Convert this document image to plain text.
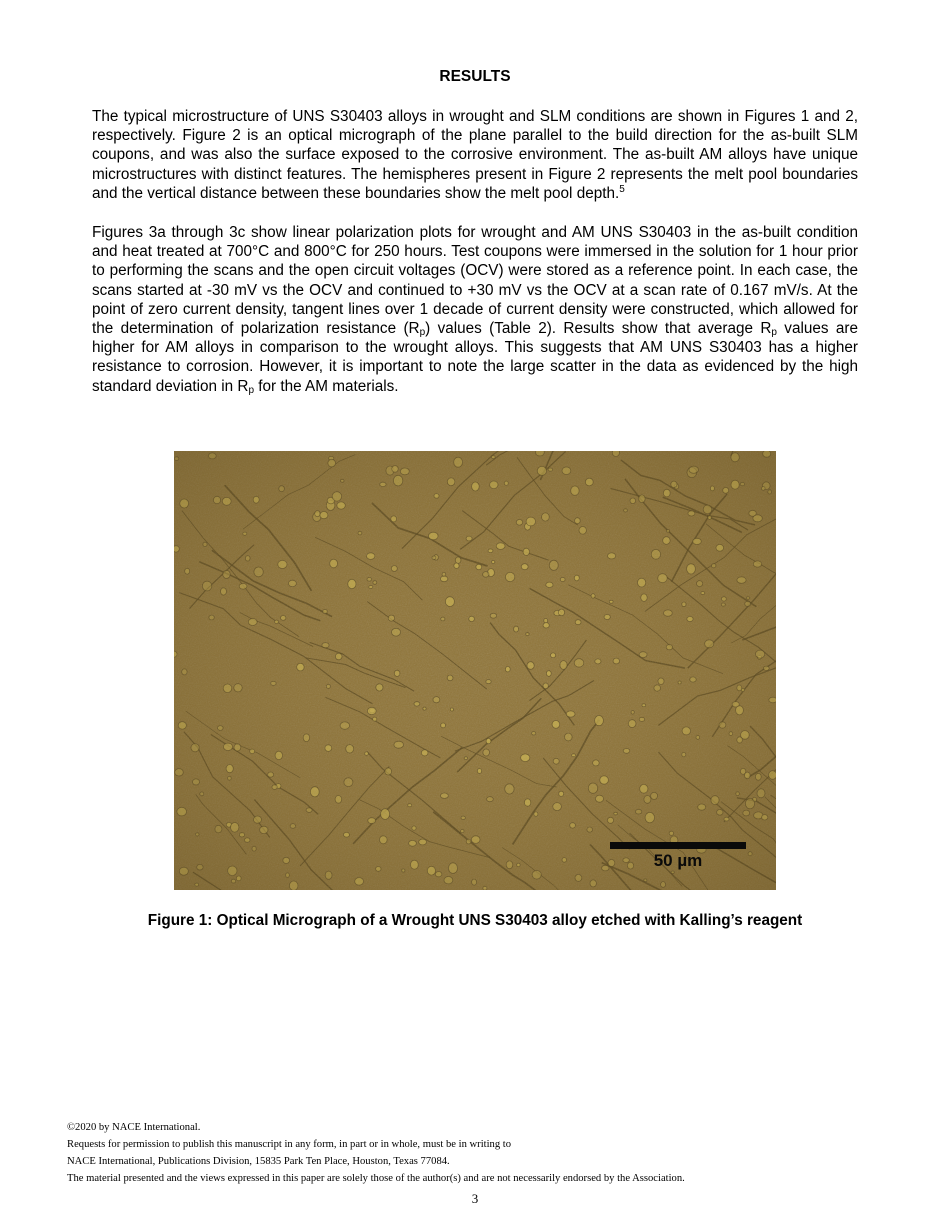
RESULTS

The typical microstructure of UNS S30403 alloys in wrought and SLM conditions are shown in Figures 1 and 2, respectively. Figure 2 is an optical micrograph of the plane parallel to the build direction for the as-built SLM coupons, and was also the surface exposed to the corrosive environment. The as-built AM alloys have unique microstructures with distinct features. The hemispheres present in Figure 2 represents the melt pool boundaries and the vertical distance between these boundaries show the melt pool depth.$^5$

Figures 3a through 3c show linear polarization plots for wrought and AM UNS S30403 in the as-built condition and heat treated at 700°C and 800°C for 250 hours. Test coupons were immersed in the solution for 1 hour prior to performing the scans and the open circuit voltages (OCV) were stored as a reference point. In each case, the scans started at -30 mV vs the OCV and continued to +30 mV vs the OCV at a scan rate of 0.167 mV/s. At the point of zero current density, tangent lines over 1 decade of current density were constructed, which allowed for the determination of polarization resistance $(R_p)$ values (Table 2). Results show that average $R_p$ values are higher for AM alloys in comparison to the wrought alloys. This suggests that AM UNS S30403 has a higher resistance to corrosion. However, it is important to note the large scatter in the data as evidenced by the high standard deviation in $R_p$ for the AM materials.

50 µm
Figure 1: Optical Micrograph of a Wrought UNS S30403 alloy etched with Kalling’s reagent
©2020 by NACE International.
Requests for permission to publish this manuscript in any form, in part or in whole, must be in writing to
NACE International, Publications Division, 15835 Park Ten Place, Houston, Texas 77084.
The material presented and the views expressed in this paper are solely those of the author(s) and are not necessarily endorsed by the Association.
3
